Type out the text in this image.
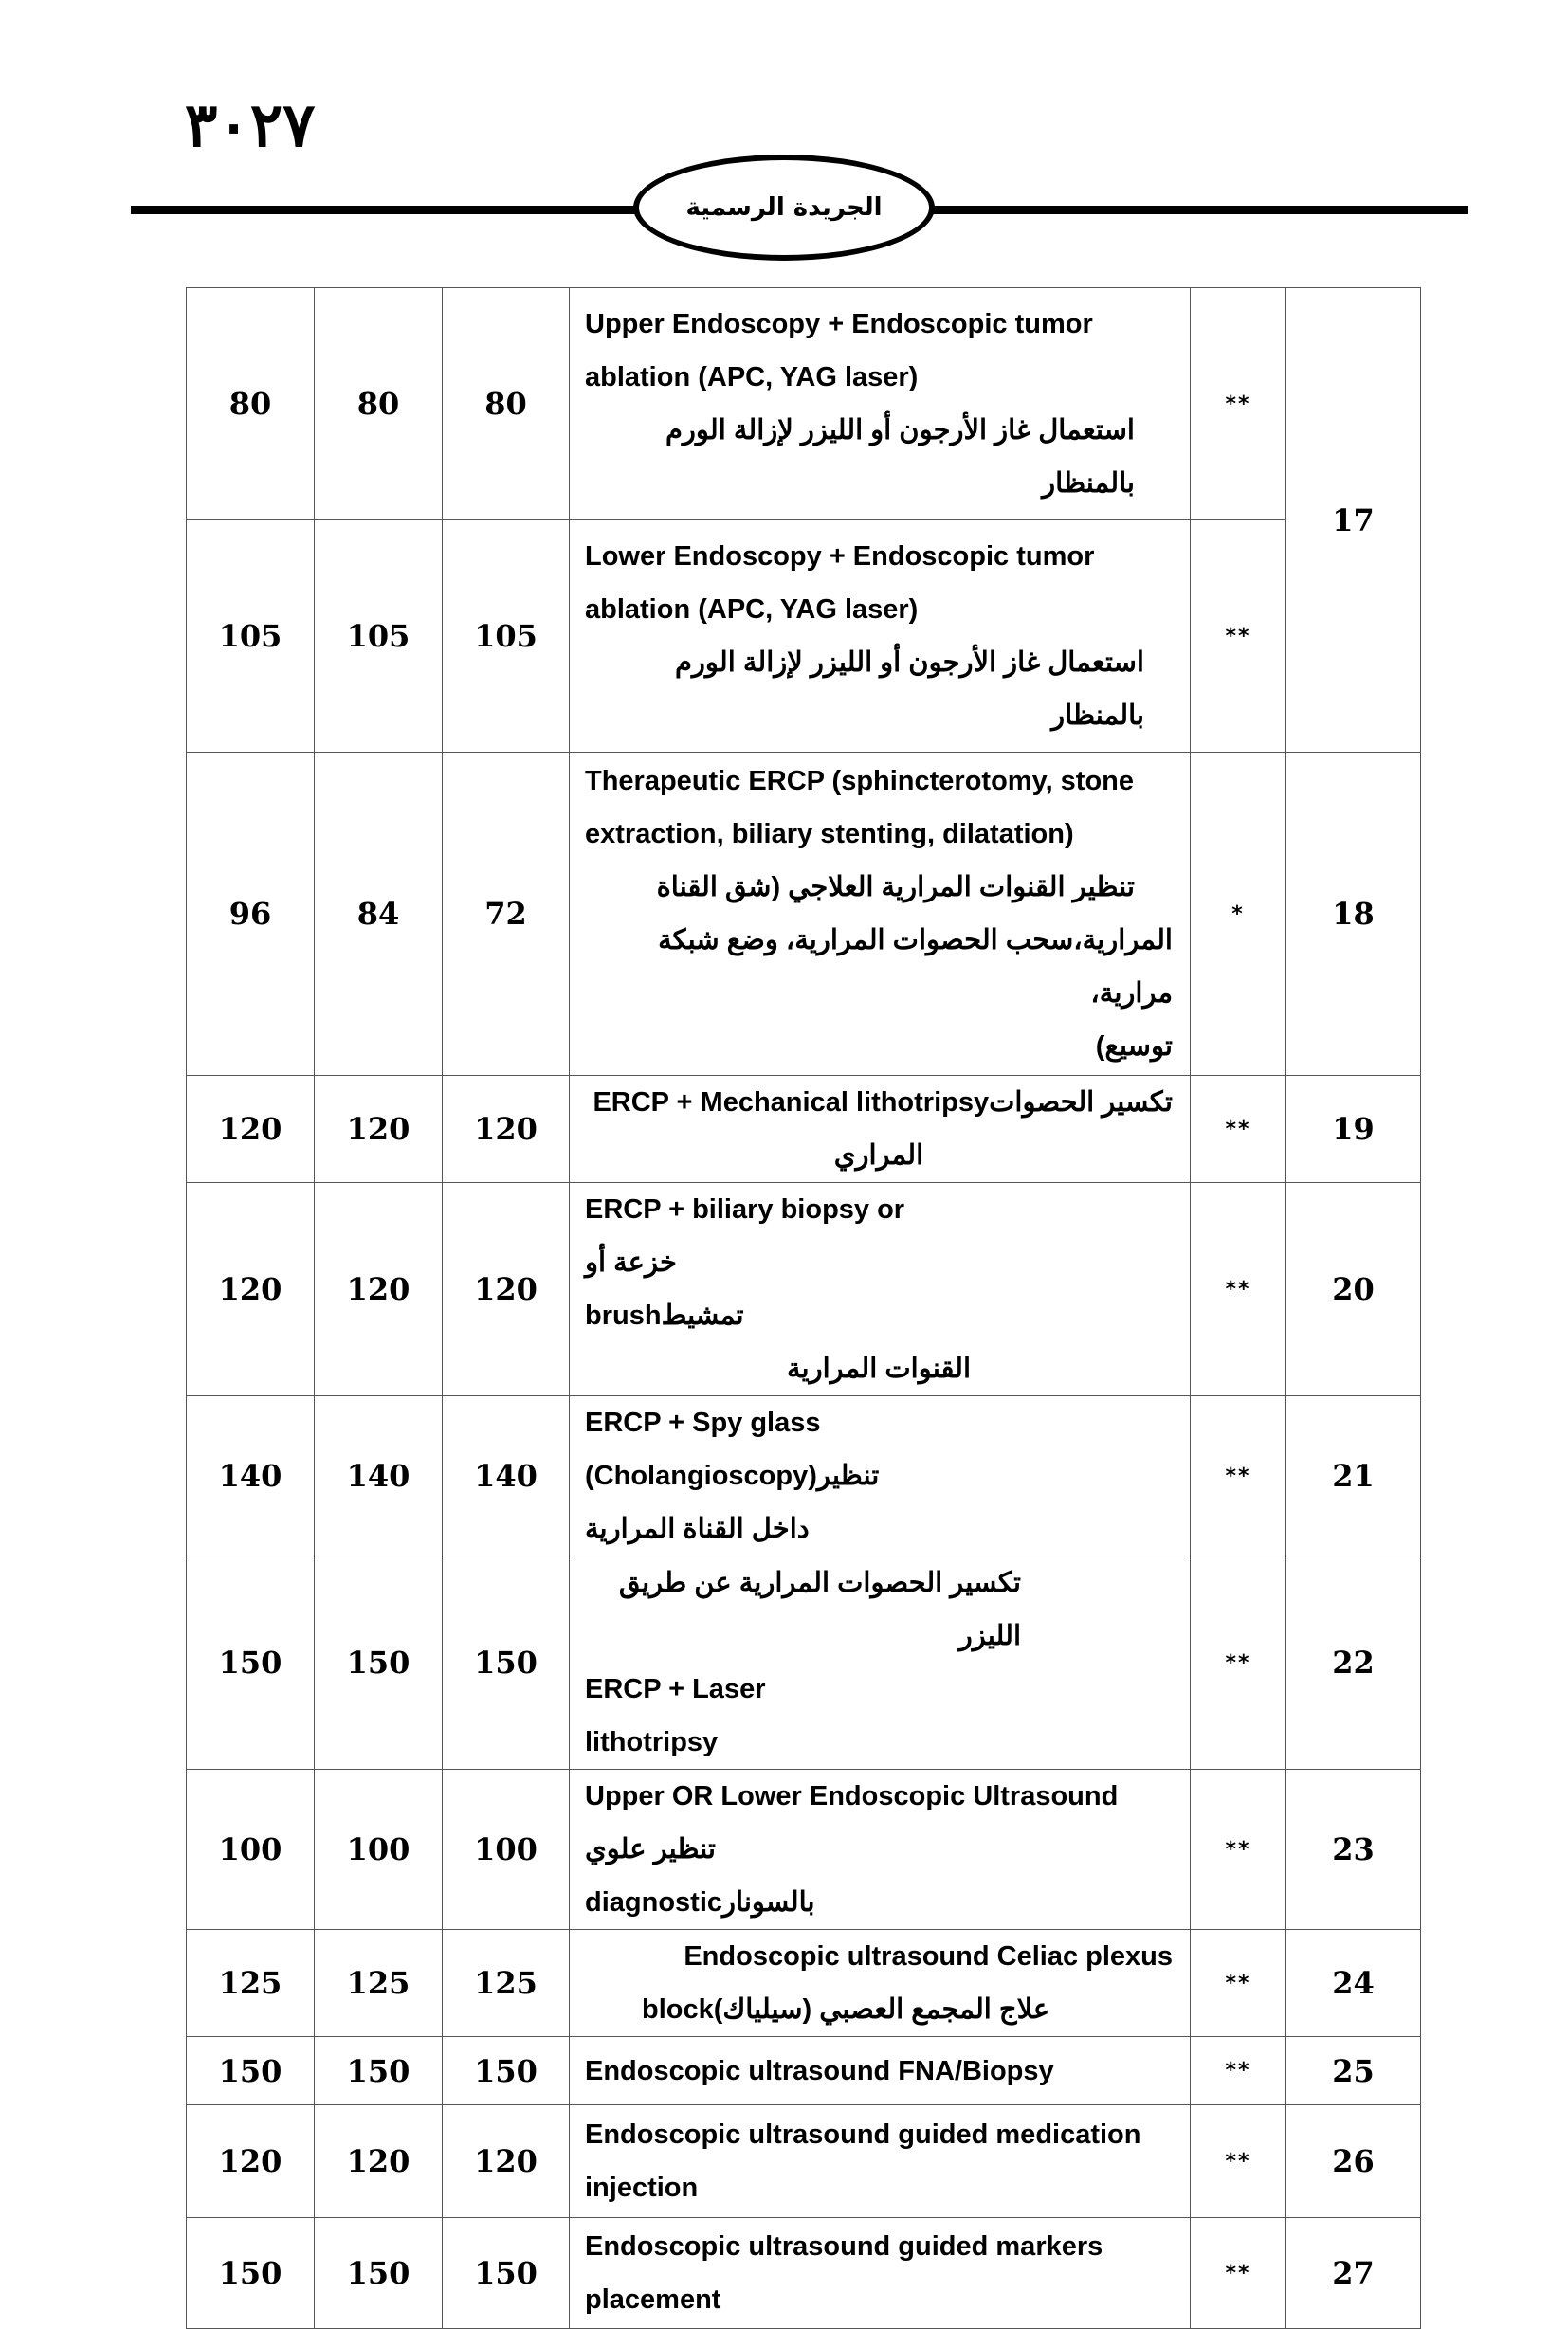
٣٠٢٧
الجريدة الرسمية
80	80	80	Upper Endoscopy + Endoscopic tumor
ablation (APC, YAG laser)
استعمال غاز الأرجون أو الليزر لإزالة الورم بالمنظار	**	17
105	105	105	Lower Endoscopy + Endoscopic tumor
ablation (APC, YAG laser)
استعمال غاز الأرجون أو الليزر لإزالة الورم بالمنظار	**	
96	84	72	Therapeutic ERCP (sphincterotomy, stone
extraction, biliary stenting, dilatation)
تنظير القنوات المرارية العلاجي (شق القناة
المرارية،سحب الحصوات المرارية، وضع شبكة مرارية،
توسيع)	*	18
120	120	120	تكسير الحصواتERCP + Mechanical lithotripsy
المراري	**	19
120	120	120	ERCP + biliary biopsy or
خزعة أو تمشيطbrush
القنوات المرارية	**	20
140	140	140	ERCP + Spy glass
تنظير(Cholangioscopy)
داخل القناة المرارية	**	21
150	150	150	تكسير الحصوات المرارية عن طريق الليزر
ERCP + Laser
lithotripsy	**	22
100	100	100	Upper OR Lower Endoscopic Ultrasound
تنظير علوي بالسونارdiagnostic	**	23
125	125	125	Endoscopic ultrasound Celiac plexus
علاج المجمع العصبي (سيلياك)block	**	24
150	150	150	Endoscopic ultrasound FNA/Biopsy	**	25
120	120	120	Endoscopic ultrasound guided medication
injection	**	26
150	150	150	Endoscopic ultrasound guided markers
placement	**	27
